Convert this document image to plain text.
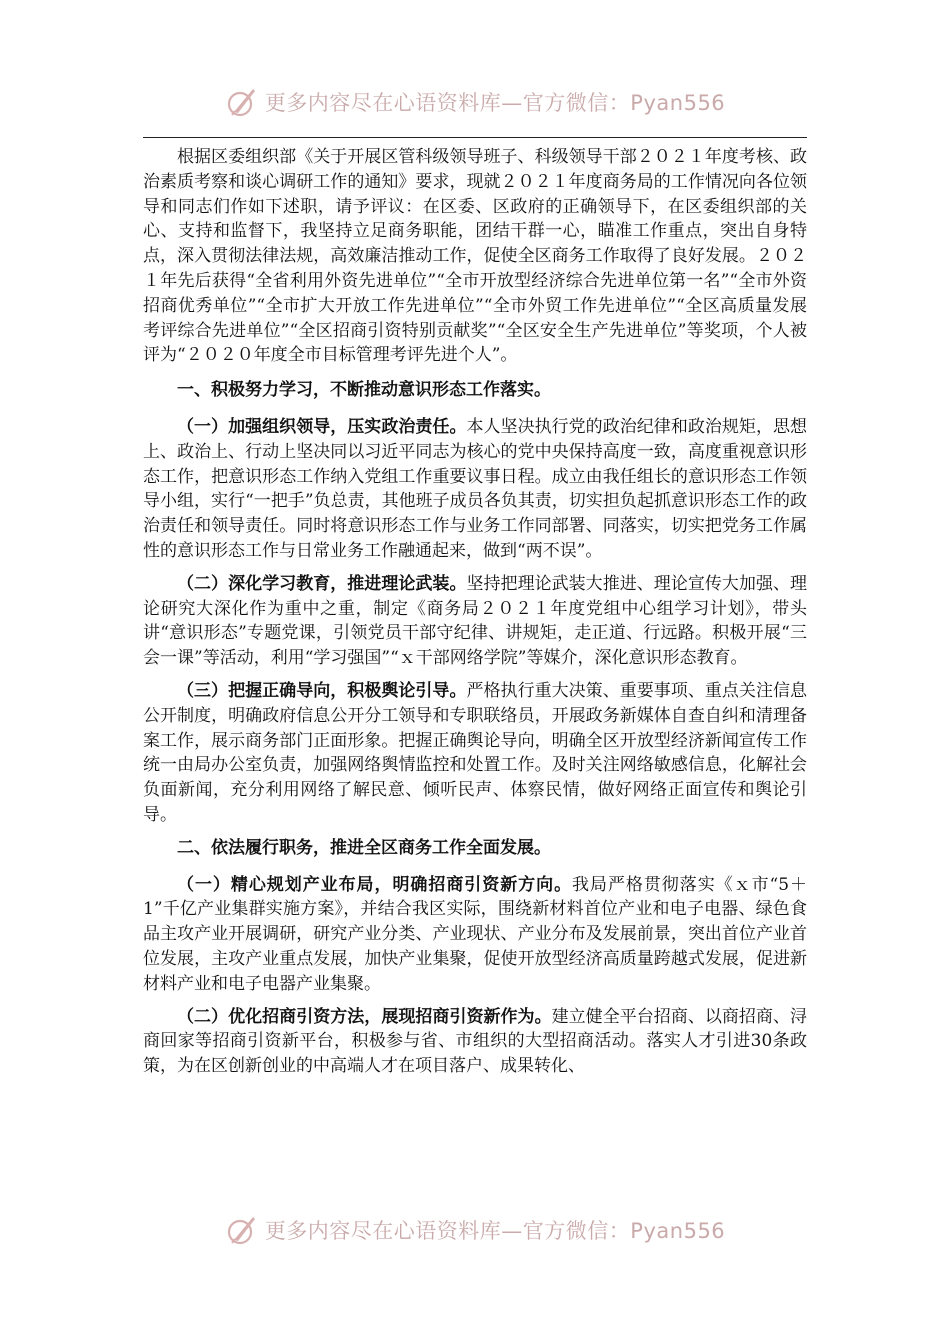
更多内容尽在心语资料库—官方微信：Pyan556

根据区委组织部《关于开展区管科级领导班子、科级领导干部２０２１年度考核、政治素质考察和谈心调研工作的通知》要求，现就２０２１年度商务局的工作情况向各位领导和同志们作如下述职，请予评议：在区委、区政府的正确领导下，在区委组织部的关心、支持和监督下，我坚持立足商务职能，团结干群一心，瞄准工作重点，突出自身特点，深入贯彻法律法规，高效廉洁推动工作，促使全区商务工作取得了良好发展。２０２１年先后获得“全省利用外资先进单位”“全市开放型经济综合先进单位第一名”“全市外资招商优秀单位”“全市扩大开放工作先进单位”“全市外贸工作先进单位”“全区高质量发展考评综合先进单位”“全区招商引资特别贡献奖”“全区安全生产先进单位”等奖项，个人被评为“２０２０年度全市目标管理考评先进个人”。

一、积极努力学习，不断推动意识形态工作落实。

（一）加强组织领导，压实政治责任。本人坚决执行党的政治纪律和政治规矩，思想上、政治上、行动上坚决同以习近平同志为核心的党中央保持高度一致，高度重视意识形态工作，把意识形态工作纳入党组工作重要议事日程。成立由我任组长的意识形态工作领导小组，实行“一把手”负总责，其他班子成员各负其责，切实担负起抓意识形态工作的政治责任和领导责任。同时将意识形态工作与业务工作同部署、同落实，切实把党务工作属性的意识形态工作与日常业务工作融通起来，做到“两不误”。

（二）深化学习教育，推进理论武装。坚持把理论武装大推进、理论宣传大加强、理论研究大深化作为重中之重，制定《商务局２０２１年度党组中心组学习计划》，带头讲“意识形态”专题党课，引领党员干部守纪律、讲规矩，走正道、行远路。积极开展“三会一课”等活动，利用“学习强国”“ｘ干部网络学院”等媒介，深化意识形态教育。

（三）把握正确导向，积极舆论引导。严格执行重大决策、重要事项、重点关注信息公开制度，明确政府信息公开分工领导和专职联络员，开展政务新媒体自查自纠和清理备案工作，展示商务部门正面形象。把握正确舆论导向，明确全区开放型经济新闻宣传工作统一由局办公室负责，加强网络舆情监控和处置工作。及时关注网络敏感信息，化解社会负面新闻，充分利用网络了解民意、倾听民声、体察民情，做好网络正面宣传和舆论引导。

二、依法履行职务，推进全区商务工作全面发展。

（一）精心规划产业布局，明确招商引资新方向。我局严格贯彻落实《ｘ市“5＋1”千亿产业集群实施方案》，并结合我区实际，围绕新材料首位产业和电子电器、绿色食品主攻产业开展调研，研究产业分类、产业现状、产业分布及发展前景，突出首位产业首位发展，主攻产业重点发展，加快产业集聚，促使开放型经济高质量跨越式发展，促进新材料产业和电子电器产业集聚。

（二）优化招商引资方法，展现招商引资新作为。建立健全平台招商、以商招商、浔商回家等招商引资新平台，积极参与省、市组织的大型招商活动。落实人才引进30条政策，为在区创新创业的中高端人才在项目落户、成果转化、

更多内容尽在心语资料库—官方微信：Pyan556
